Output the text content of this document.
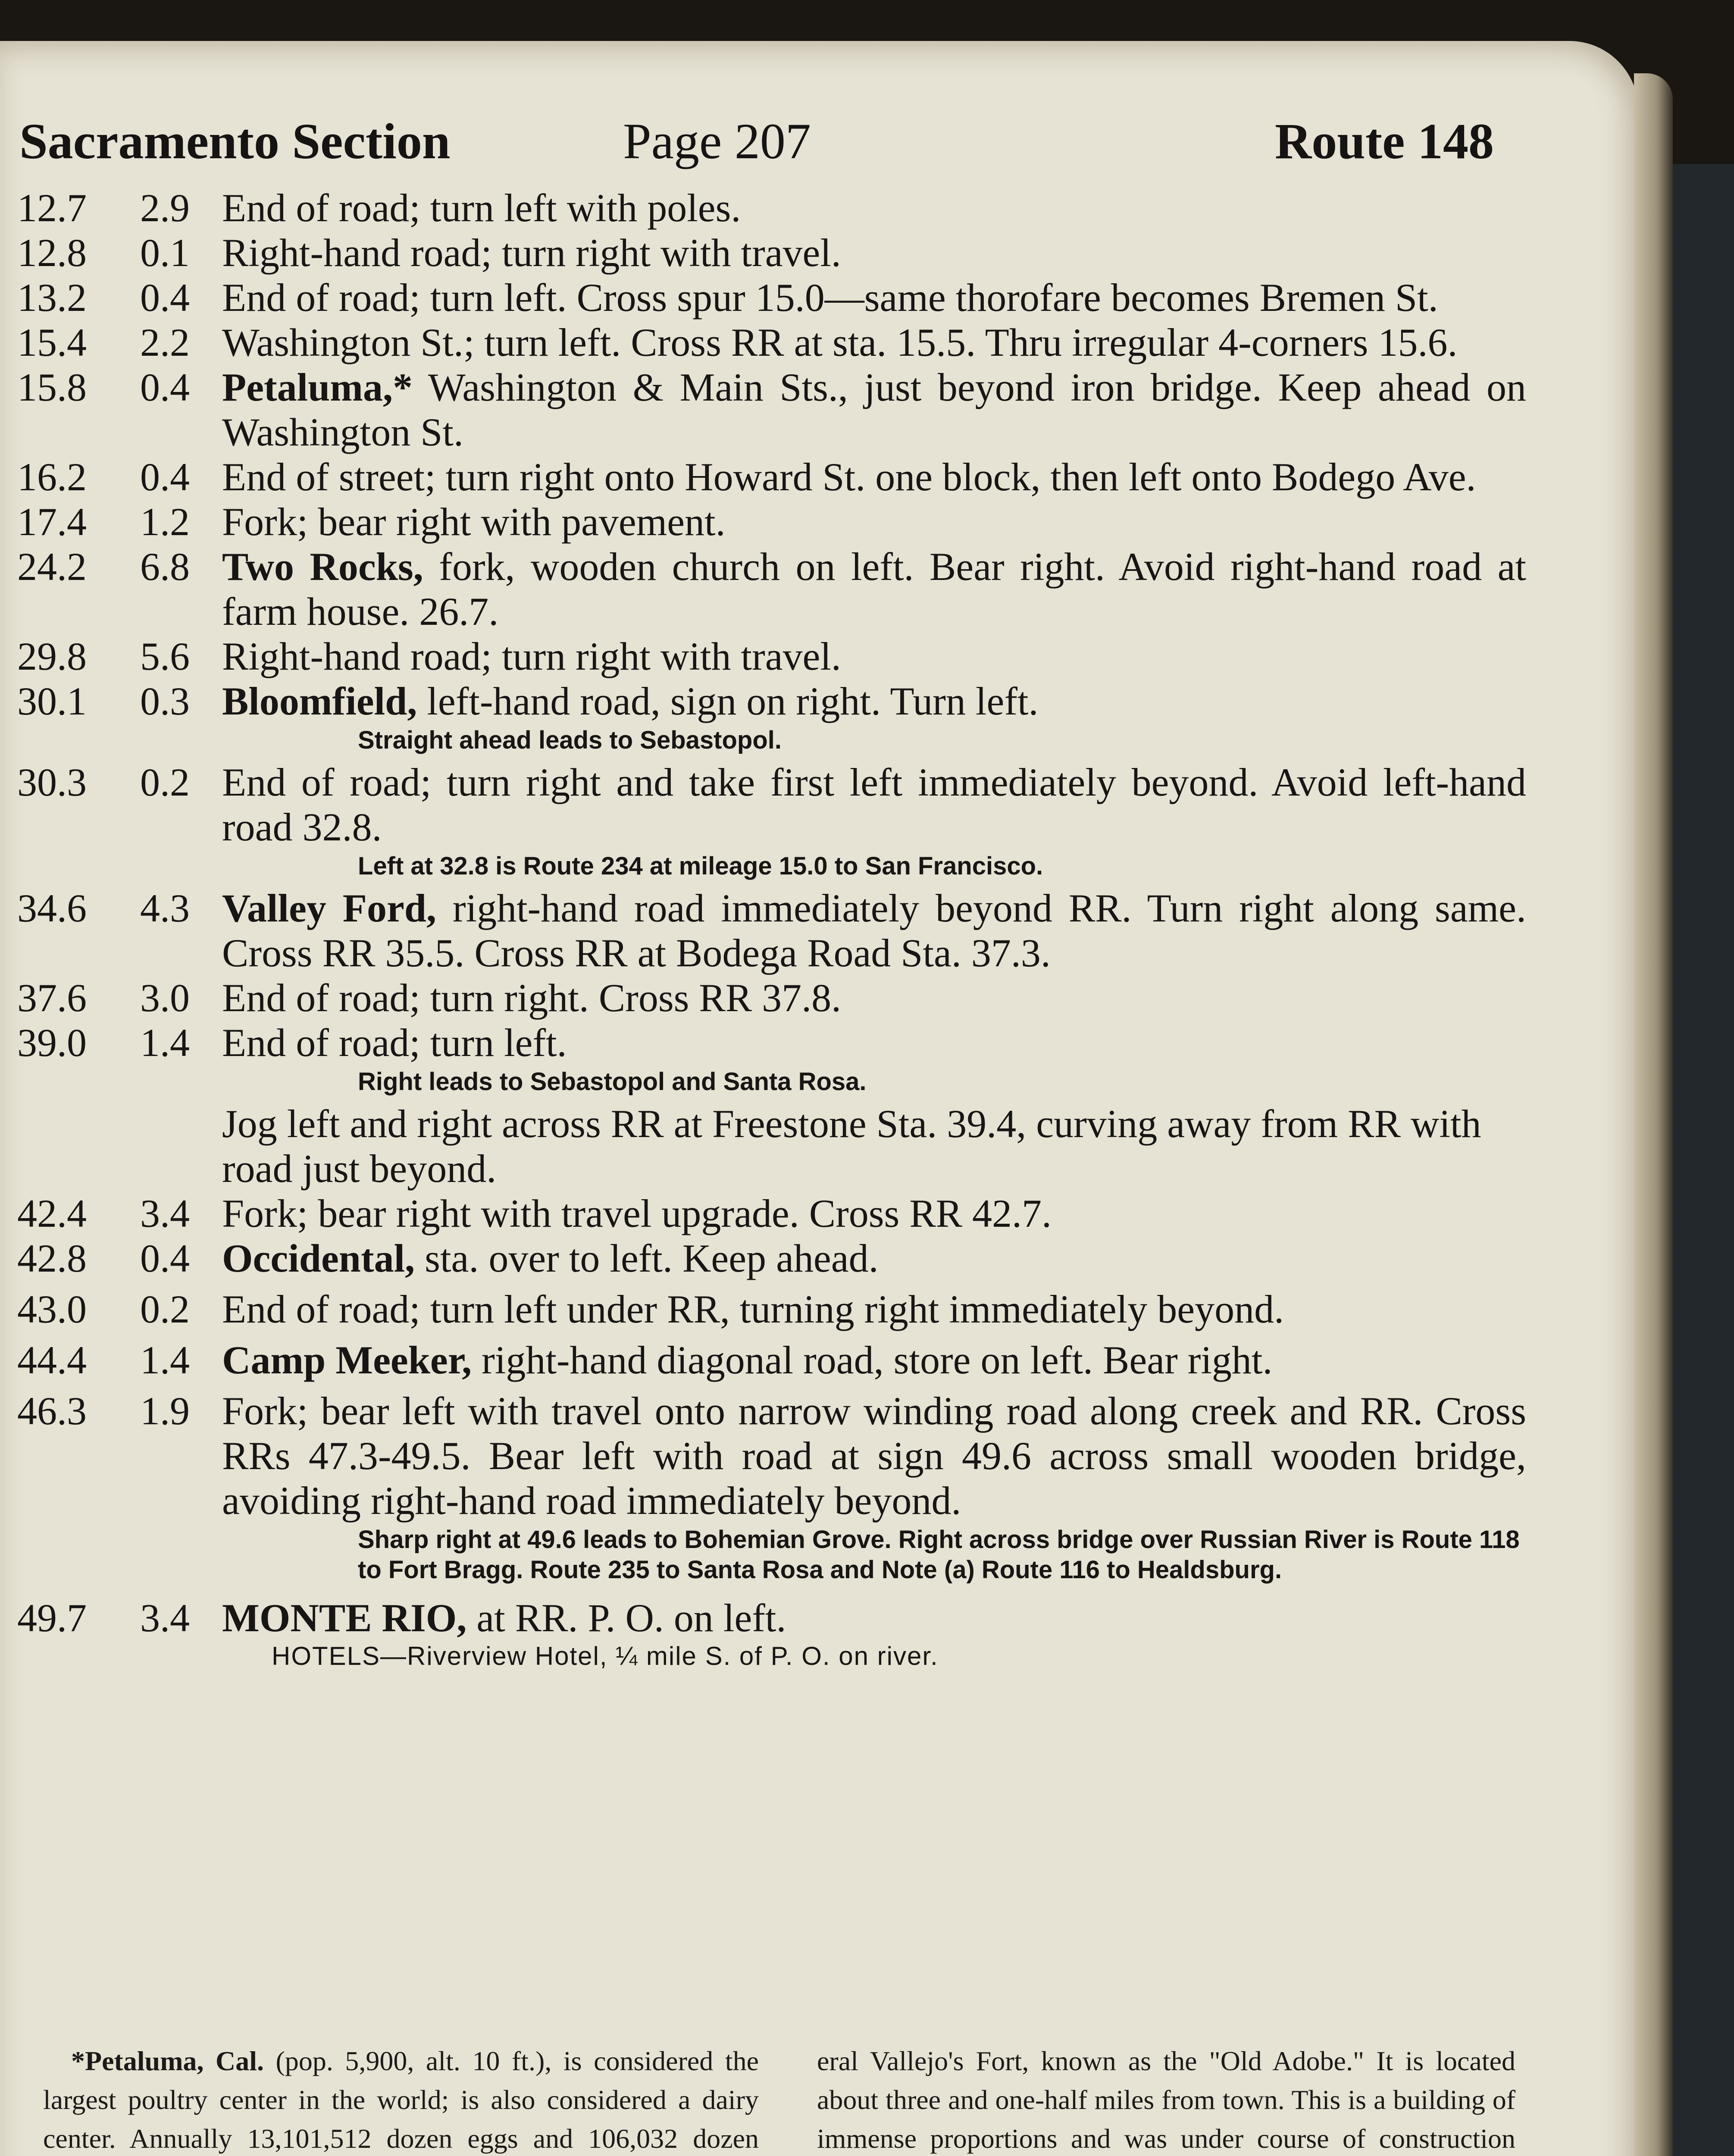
Sacramento Section	Page 207	Route 148
12.7	2.9 End of road; turn left with poles.
12.8	0.1 Right-hand road; turn right with travel.
13.2	0.4 End of road; turn left. Cross spur 15.0—same thorofare becomes Bremen St.
15.4	2.2 Washington St.; turn left. Cross RR at sta. 15.5. Thru irregular 4-corners 15.6.
15.8	0.4 Petaluma,* Washington & Main Sts., just beyond iron bridge. Keep ahead on Washington St.
16.2	0.4 End of street; turn right onto Howard St. one block, then left onto Bodego Ave.
17.4	1.2 Fork; bear right with pavement.
24.2	6.8 Two Rocks, fork, wooden church on left. Bear right. Avoid right-hand road at farm house. 26.7.
29.8	5.6 Right-hand road; turn right with travel.
30.1	0.3 Bloomfield, left-hand road, sign on right. Turn left.
Straight ahead leads to Sebastopol.
30.3	0.2 End of road; turn right and take first left immediately beyond. Avoid left-hand road 32.8.
Left at 32.8 is Route 234 at mileage 15.0 to San Francisco.
34.6	4.3 Valley Ford, right-hand road immediately beyond RR. Turn right along same. Cross RR 35.5. Cross RR at Bodega Road Sta. 37.3.
37.6	3.0 End of road; turn right. Cross RR 37.8.
39.0	1.4 End of road; turn left.
Right leads to Sebastopol and Santa Rosa.
Jog left and right across RR at Freestone Sta. 39.4, curving away from RR with road just beyond.
42.4	3.4 Fork; bear right with travel upgrade. Cross RR 42.7.
42.8	0.4 Occidental, sta. over to left. Keep ahead.
43.0	0.2 End of road; turn left under RR, turning right immediately beyond.
44.4	1.4 Camp Meeker, right-hand diagonal road, store on left. Bear right.
46.3	1.9 Fork; bear left with travel onto narrow winding road along creek and RR. Cross RRs 47.3-49.5. Bear left with road at sign 49.6 across small wooden bridge, avoiding right-hand road immediately beyond.
Sharp right at 49.6 leads to Bohemian Grove. Right across bridge over Russian River is Route 118 to Fort Bragg. Route 235 to Santa Rosa and Note (a) Route 116 to Healdsburg.
49.7	3.4 MONTE RIO, at RR. P. O. on left.
HOTELS—Riverview Hotel, ¼ mile S. of P. O. on river.

*Petaluma, Cal. (pop. 5,900, alt. 10 ft.), is considered the largest poultry center in the world; is also considered a dairy center. Annually 13,101,512 dozen eggs and 106,032 dozen

eral Vallejo's Fort, known as the "Old Adobe." It is located about three and one-half miles from town. This is a building of immense proportions and was under course of construction
